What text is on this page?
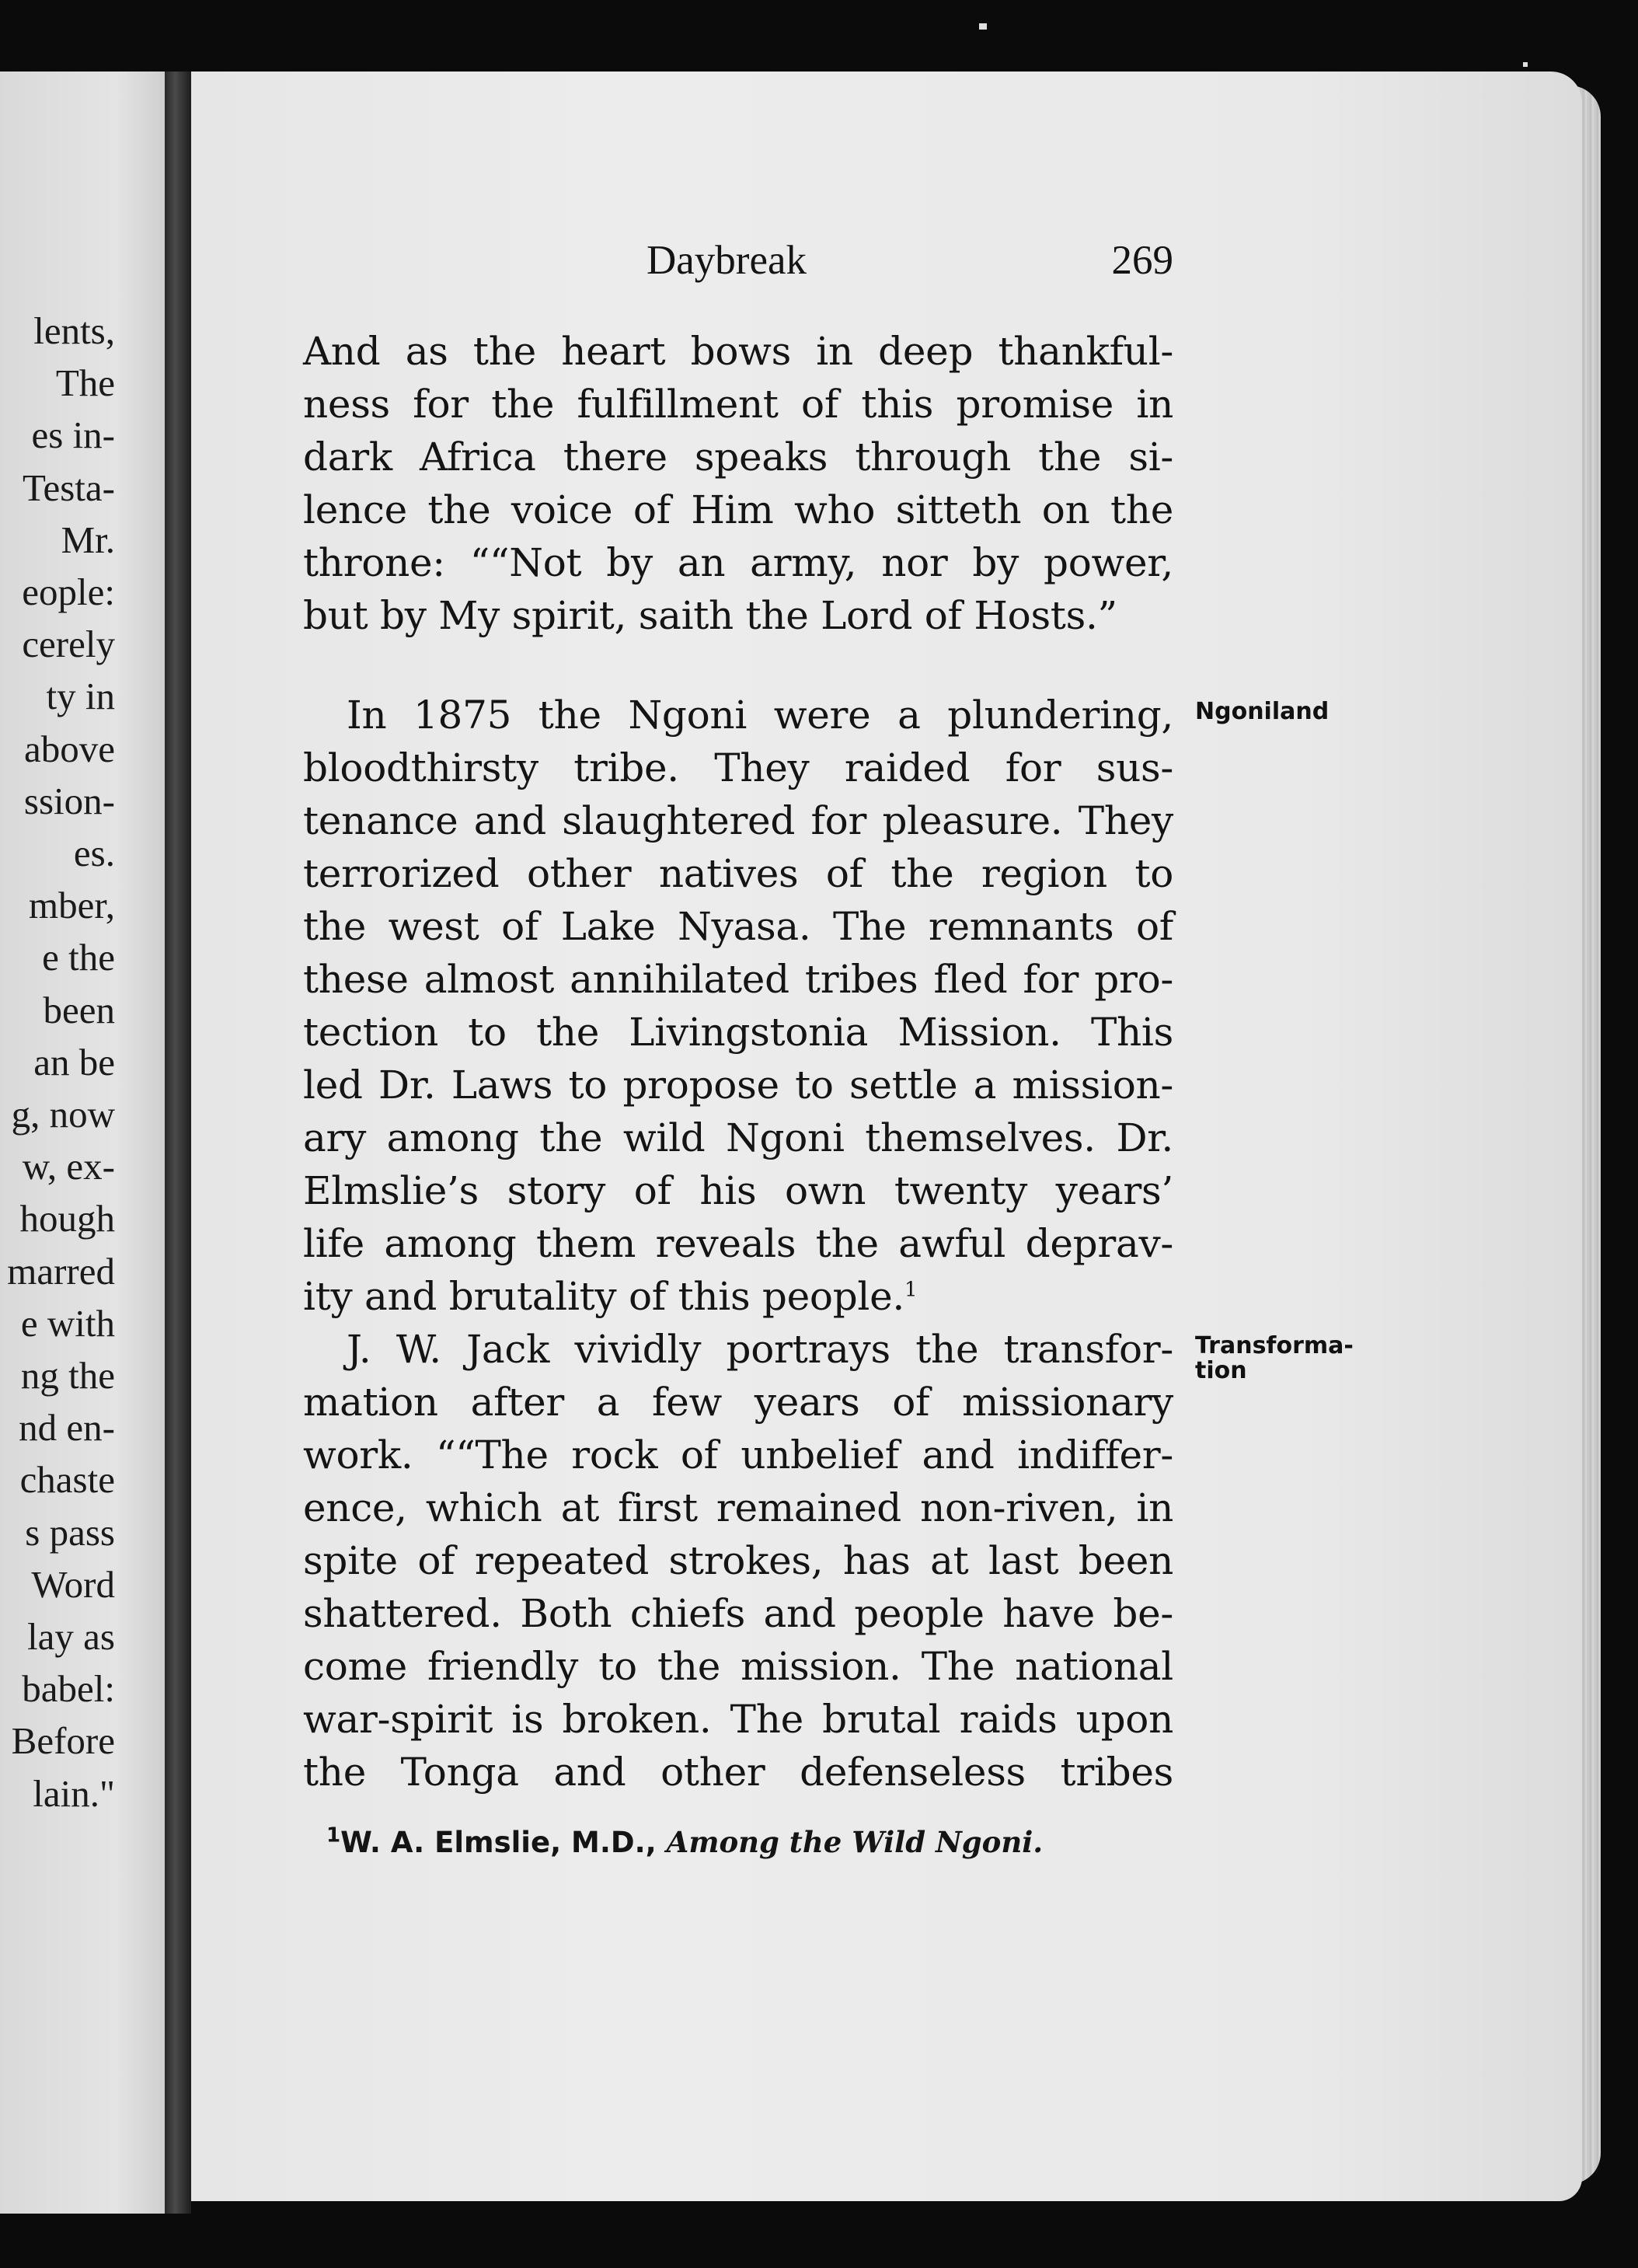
lents,
The
es in-
Testa-
Mr.
eople:
cerely
ty in
above
ssion-
es.
mber,
e the
been
an be
g, now
w, ex-
hough
marred
e with
ng the
nd en-
chaste
s pass
Word
lay as
babel:
Before
lain."
Daybreak	269
And as the heart bows in deep thankful-
ness for the fulfillment of this promise in
dark Africa there speaks through the si-
lence the voice of Him who sitteth on the
throne: ““Not by an army, nor by power,
but by My spirit, saith the Lord of Hosts.”
In 1875 the Ngoni were a plundering,
bloodthirsty tribe. They raided for sus-
tenance and slaughtered for pleasure. They
terrorized other natives of the region to
the west of Lake Nyasa. The remnants of
these almost annihilated tribes fled for pro-
tection to the Livingstonia Mission. This
led Dr. Laws to propose to settle a mission-
ary among the wild Ngoni themselves. Dr.
Elmslie’s story of his own twenty years’
life among them reveals the awful deprav-
ity and brutality of this people.$^1$
J. W. Jack vividly portrays the transfor-
mation after a few years of missionary
work. ““The rock of unbelief and indiffer-
ence, which at first remained non-riven, in
spite of repeated strokes, has at last been
shattered. Both chiefs and people have be-
come friendly to the mission. The national
war-spirit is broken. The brutal raids upon
the Tonga and other defenseless tribes
Ngoniland
Transforma-
tion
$^1$W. A. Elmslie, M.D., Among the Wild Ngoni.
